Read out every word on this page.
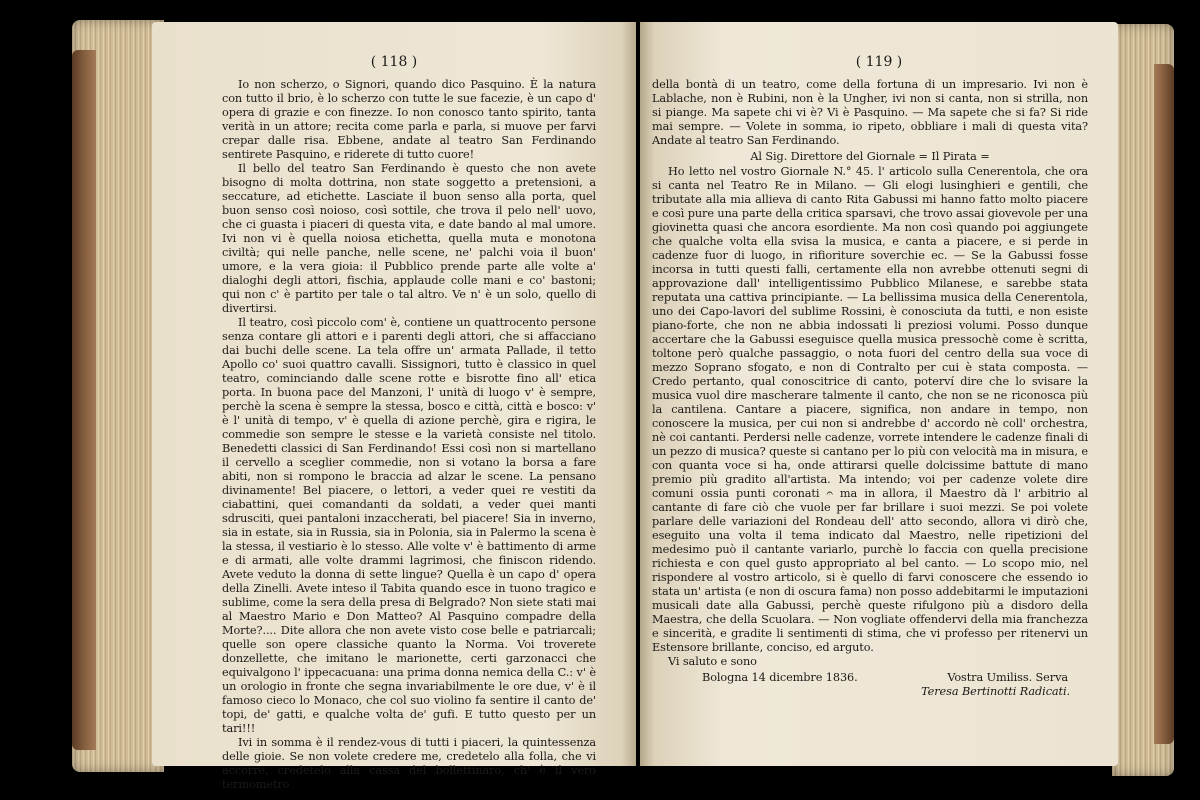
( 118 )

Io non scherzo, o Signori, quando dico Pasquino. È la natura con tutto il brio, è lo scherzo con tutte le sue facezie, è un capo d' opera di grazie e con finezze. Io non conosco tanto spirito, tanta verità in un attore; recita come parla e parla, si muove per farvi crepar dalle risa. Ebbene, andate al teatro San Ferdinando sentirete Pasquino, e riderete di tutto cuore!

Il bello del teatro San Ferdinando è questo che non avete bisogno di molta dottrina, non state soggetto a pretensioni, a seccature, ad etichette. Lasciate il buon senso alla porta, quel buon senso così noioso, così sottile, che trova il pelo nell' uovo, che ci guasta i piaceri di questa vita, e date bando al mal umore. Ivi non vi è quella noiosa etichetta, quella muta e monotona civiltà; qui nelle panche, nelle scene, ne' palchi voia il buon' umore, e la vera gioia: il Pubblico prende parte alle volte a' dialoghi degli attori, fischia, applaude colle mani e co' bastoni; qui non c' è partito per tale o tal altro. Ve n' è un solo, quello di divertirsi.

Il teatro, così piccolo com' è, contiene un quattrocento persone senza contare gli attori e i parenti degli attori, che si affacciano dai buchi delle scene. La tela offre un' armata Pallade, il tetto Apollo co' suoi quattro cavalli. Sissignori, tutto è classico in quel teatro, cominciando dalle scene rotte e bisrotte fino all' etica porta. In buona pace del Manzoni, l' unità di luogo v' è sempre, perchè la scena è sempre la stessa, bosco e città, città e bosco: v' è l' unità di tempo, v' è quella di azione perchè, gira e rigira, le commedie son sempre le stesse e la varietà consiste nel titolo. Benedetti classici di San Ferdinando! Essi così non si martellano il cervello a sceglier commedie, non si votano la borsa a fare abiti, non si rompono le braccia ad alzar le scene. La pensano divinamente! Bel piacere, o lettori, a veder quei re vestiti da ciabattini, quei comandanti da soldati, a veder quei manti sdrusciti, quei pantaloni inzaccherati, bel piacere! Sia in inverno, sia in estate, sia in Russia, sia in Polonia, sia in Palermo la scena è la stessa, il vestiario è lo stesso. Alle volte v' è battimento di arme e di armati, alle volte drammi lagrimosi, che finiscon ridendo. Avete veduto la donna di sette lingue? Quella è un capo d' opera della Zinelli. Avete inteso il Tabita quando esce in tuono tragico e sublime, come la sera della presa di Belgrado? Non siete stati mai al Maestro Mario e Don Matteo? Al Pasquino compadre della Morte?.... Dite allora che non avete visto cose belle e patriarcali; quelle son opere classiche quanto la Norma. Voi troverete donzellette, che imitano le marionette, certi garzonacci che equivalgono l' ippecacuana: una prima donna nemica della C.: v' è un orologio in fronte che segna invariabilmente le ore due, v' è il famoso cieco lo Monaco, che col suo violino fa sentire il canto de' topi, de' gatti, e qualche volta de' gufi. E tutto questo per un tari!!!

Ivi in somma è il rendez-vous di tutti i piaceri, la quintessenza delle gioie. Se non volete credere me, credetelo alla folla, che vi accorre, credetelo alla cassa del bollettinaro, ch' è il vero termometro

( 119 )

della bontà di un teatro, come della fortuna di un impresario. Ivi non è Lablache, non è Rubini, non è la Ungher, ivi non si canta, non si strilla, non si piange. Ma sapete chi vi è? Vi è Pasquino. — Ma sapete che si fa? Si ride mai sempre. — Volete in somma, io ripeto, obbliare i mali di questa vita? Andate al teatro San Ferdinando.

Al Sig. Direttore del Giornale = Il Pirata =

Ho letto nel vostro Giornale N.° 45. l' articolo sulla Cenerentola, che ora si canta nel Teatro Re in Milano. — Gli elogi lusinghieri e gentili, che tributate alla mia allieva di canto Rita Gabussi mi hanno fatto molto piacere e così pure una parte della critica sparsavi, che trovo assai giovevole per una giovinetta quasi che ancora esordiente. Ma non così quando poi aggiungete che qualche volta ella svisa la musica, e canta a piacere, e si perde in cadenze fuor di luogo, in rifioriture soverchie ec. — Se la Gabussi fosse incorsa in tutti questi falli, certamente ella non avrebbe ottenuti segni di approvazione dall' intelligentissimo Pubblico Milanese, e sarebbe stata reputata una cattiva principiante. — La bellissima musica della Cenerentola, uno dei Capo-lavori del sublime Rossini, è conosciuta da tutti, e non esiste piano-forte, che non ne abbia indossati li preziosi volumi. Posso dunque accertare che la Gabussi eseguisce quella musica pressochè come è scritta, toltone però qualche passaggio, o nota fuori del centro della sua voce di mezzo Soprano sfogato, e non di Contralto per cui è stata composta. — Credo pertanto, qual conoscitrice di canto, poterví dire che lo svisare la musica vuol dire mascherare talmente il canto, che non se ne riconosca più la cantilena. Cantare a piacere, significa, non andare in tempo, non conoscere la musica, per cui non si andrebbe d' accordo nè coll' orchestra, nè coi cantanti. Perdersi nelle cadenze, vorrete intendere le cadenze finali di un pezzo di musica? queste si cantano per lo più con velocità ma in misura, e con quanta voce si ha, onde attirarsi quelle dolcissime battute di mano premio più gradito all'artista. Ma intendo; voi per cadenze volete dire comuni ossia punti coronati 𝄐 ma in allora, il Maestro dà l' arbitrio al cantante di fare ciò che vuole per far brillare i suoi mezzi. Se poi volete parlare delle variazioni del Rondeau dell' atto secondo, allora vi dirò che, eseguito una volta il tema indicato dal Maestro, nelle ripetizioni del medesimo può il cantante variarlo, purchè lo faccia con quella precisione richiesta e con quel gusto appropriato al bel canto. — Lo scopo mio, nel rispondere al vostro articolo, si è quello di farvi conoscere che essendo io stata un' artista (e non di oscura fama) non posso addebitarmi le imputazioni musicali date alla Gabussi, perchè queste rifulgono più a disdoro della Maestra, che della Scuolara. — Non vogliate offendervi della mia franchezza e sincerità, e gradite li sentimenti di stima, che vi professo per ritenervi un Estensore brillante, conciso, ed arguto.

Vi saluto e sono
Bologna 14 dicembre 1836.	Vostra Umiliss. Serva
Teresa Bertinotti Radicati.
